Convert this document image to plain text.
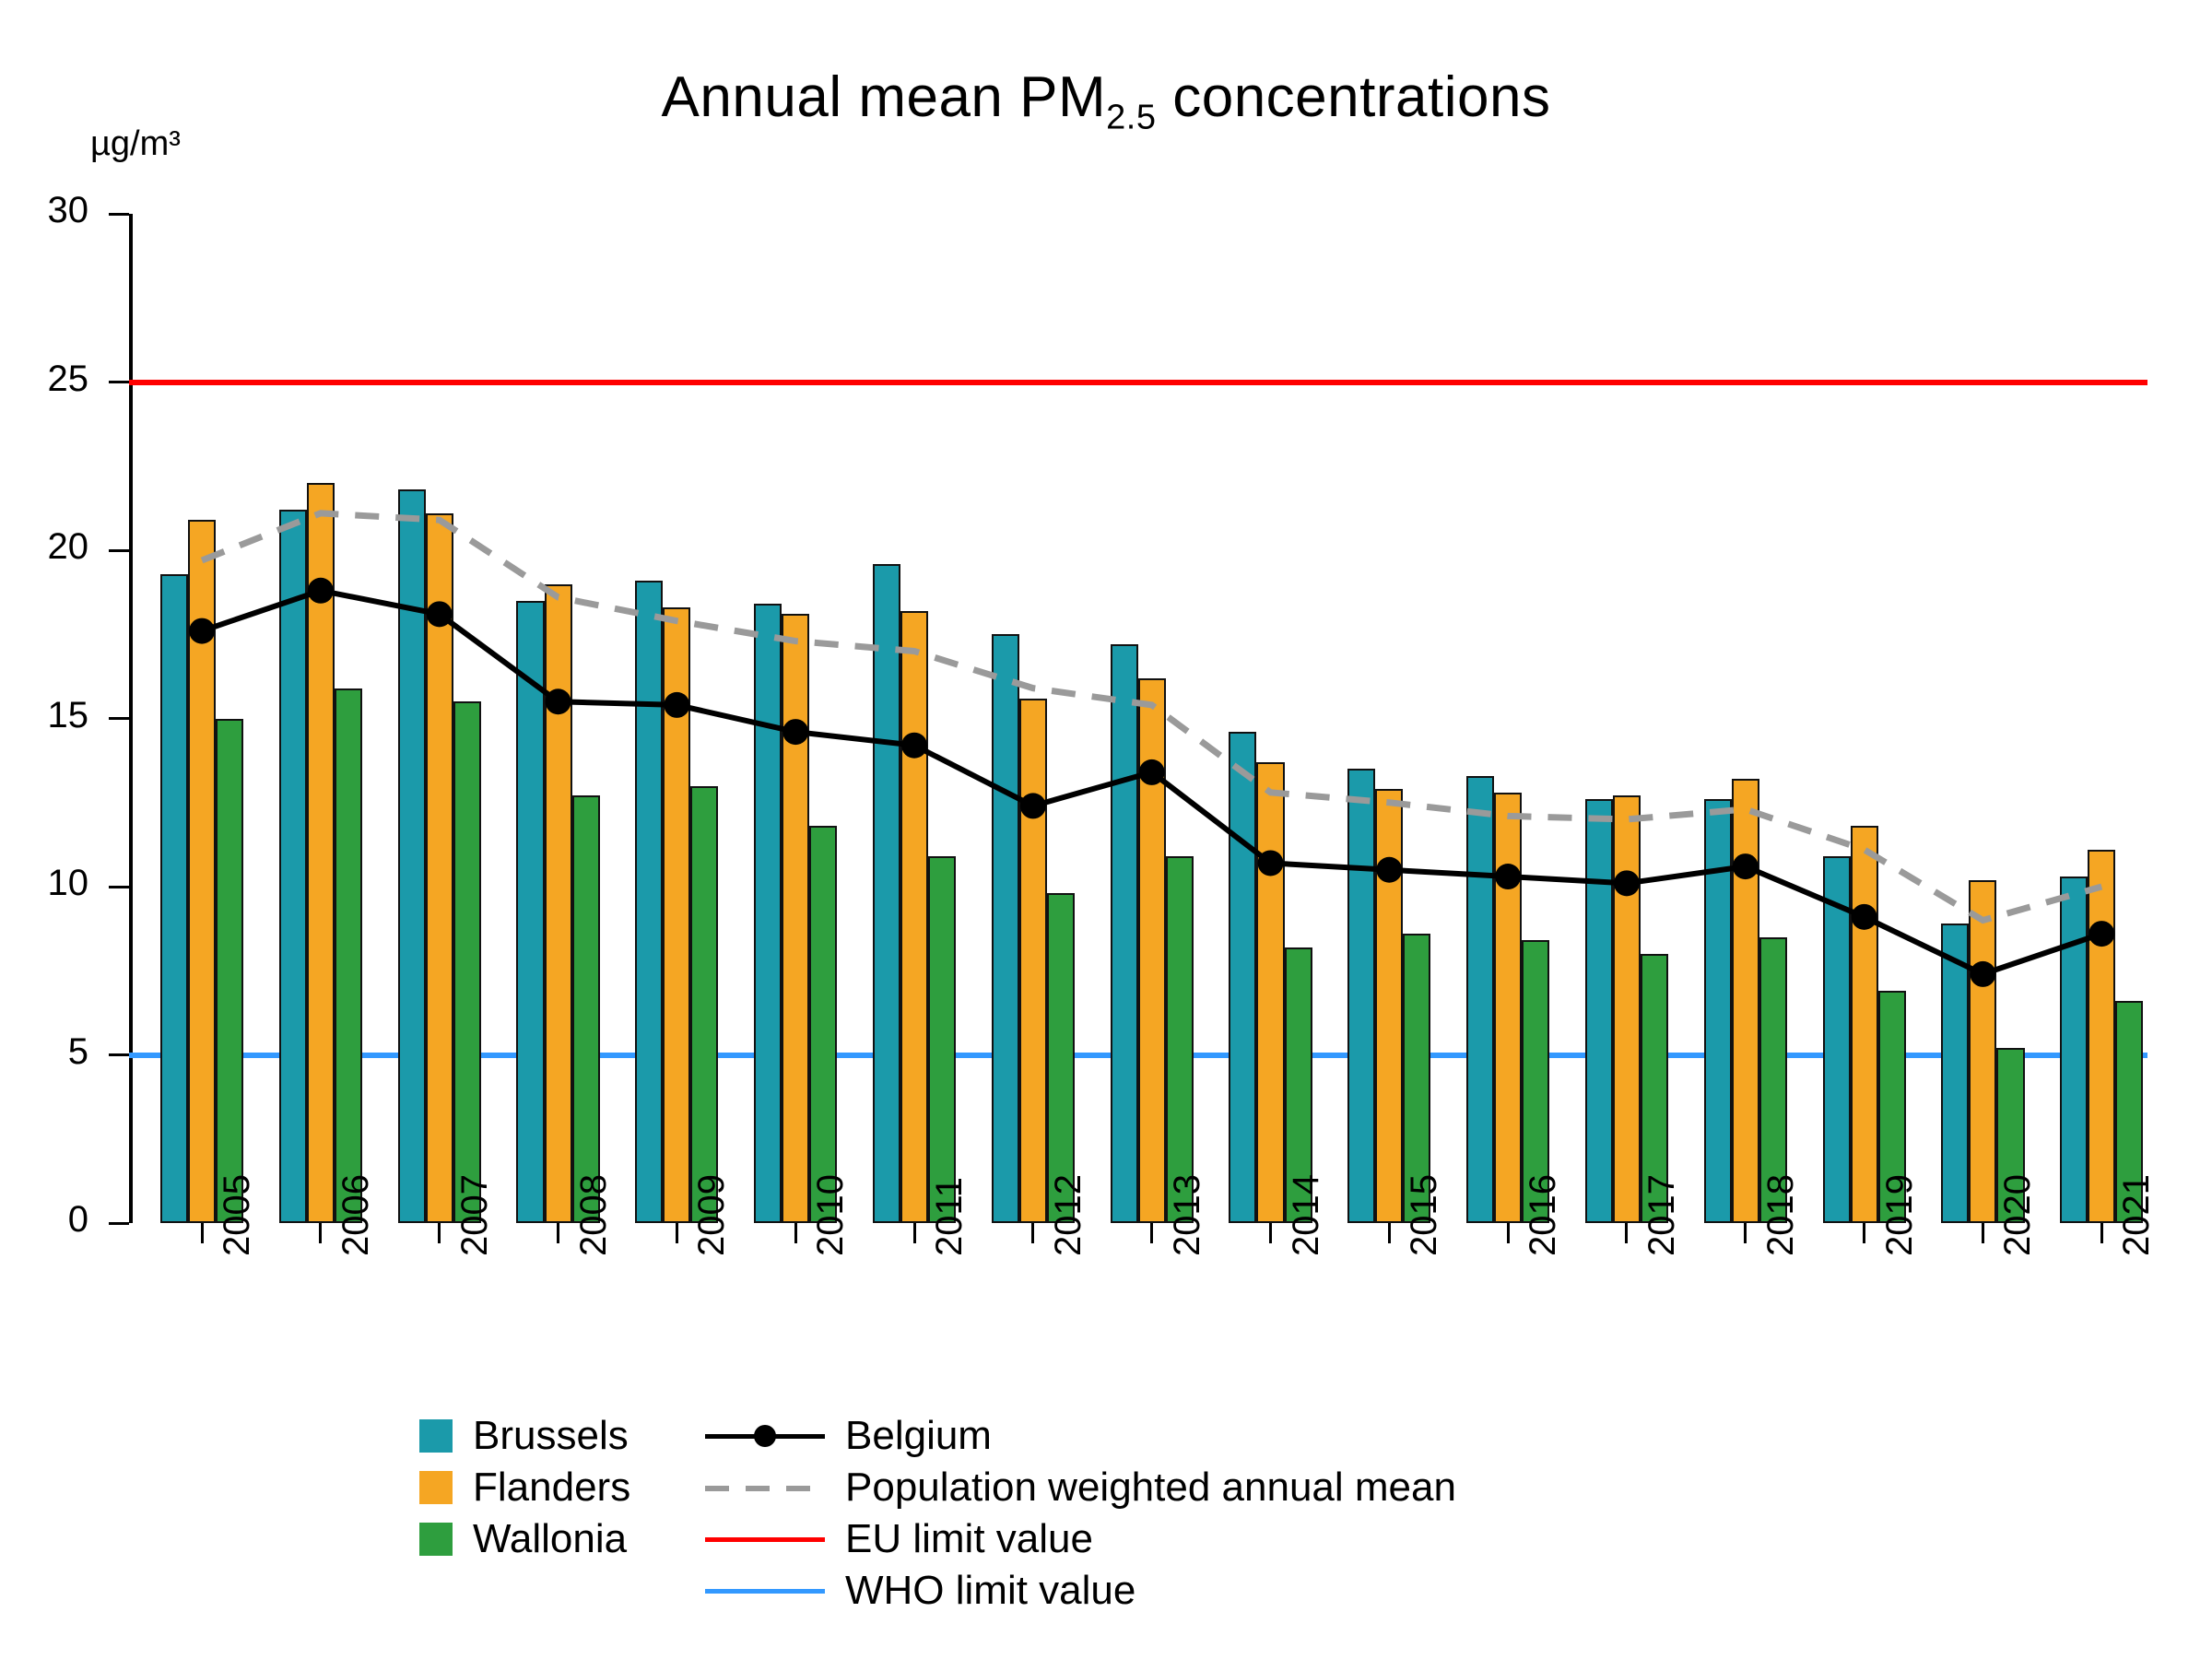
Annual mean $PM_{2.5}$ concentrations
µg/m³
0
5
10
15
20
25
30
2005 2006 2007 2008 2009 2010 2011 2012 2013 2014 2015 2016 2017 2018 2019 2020 2021
Brussels	Belgium
Flanders	Population weighted annual mean
Wallonia	EU limit value
WHO limit value
